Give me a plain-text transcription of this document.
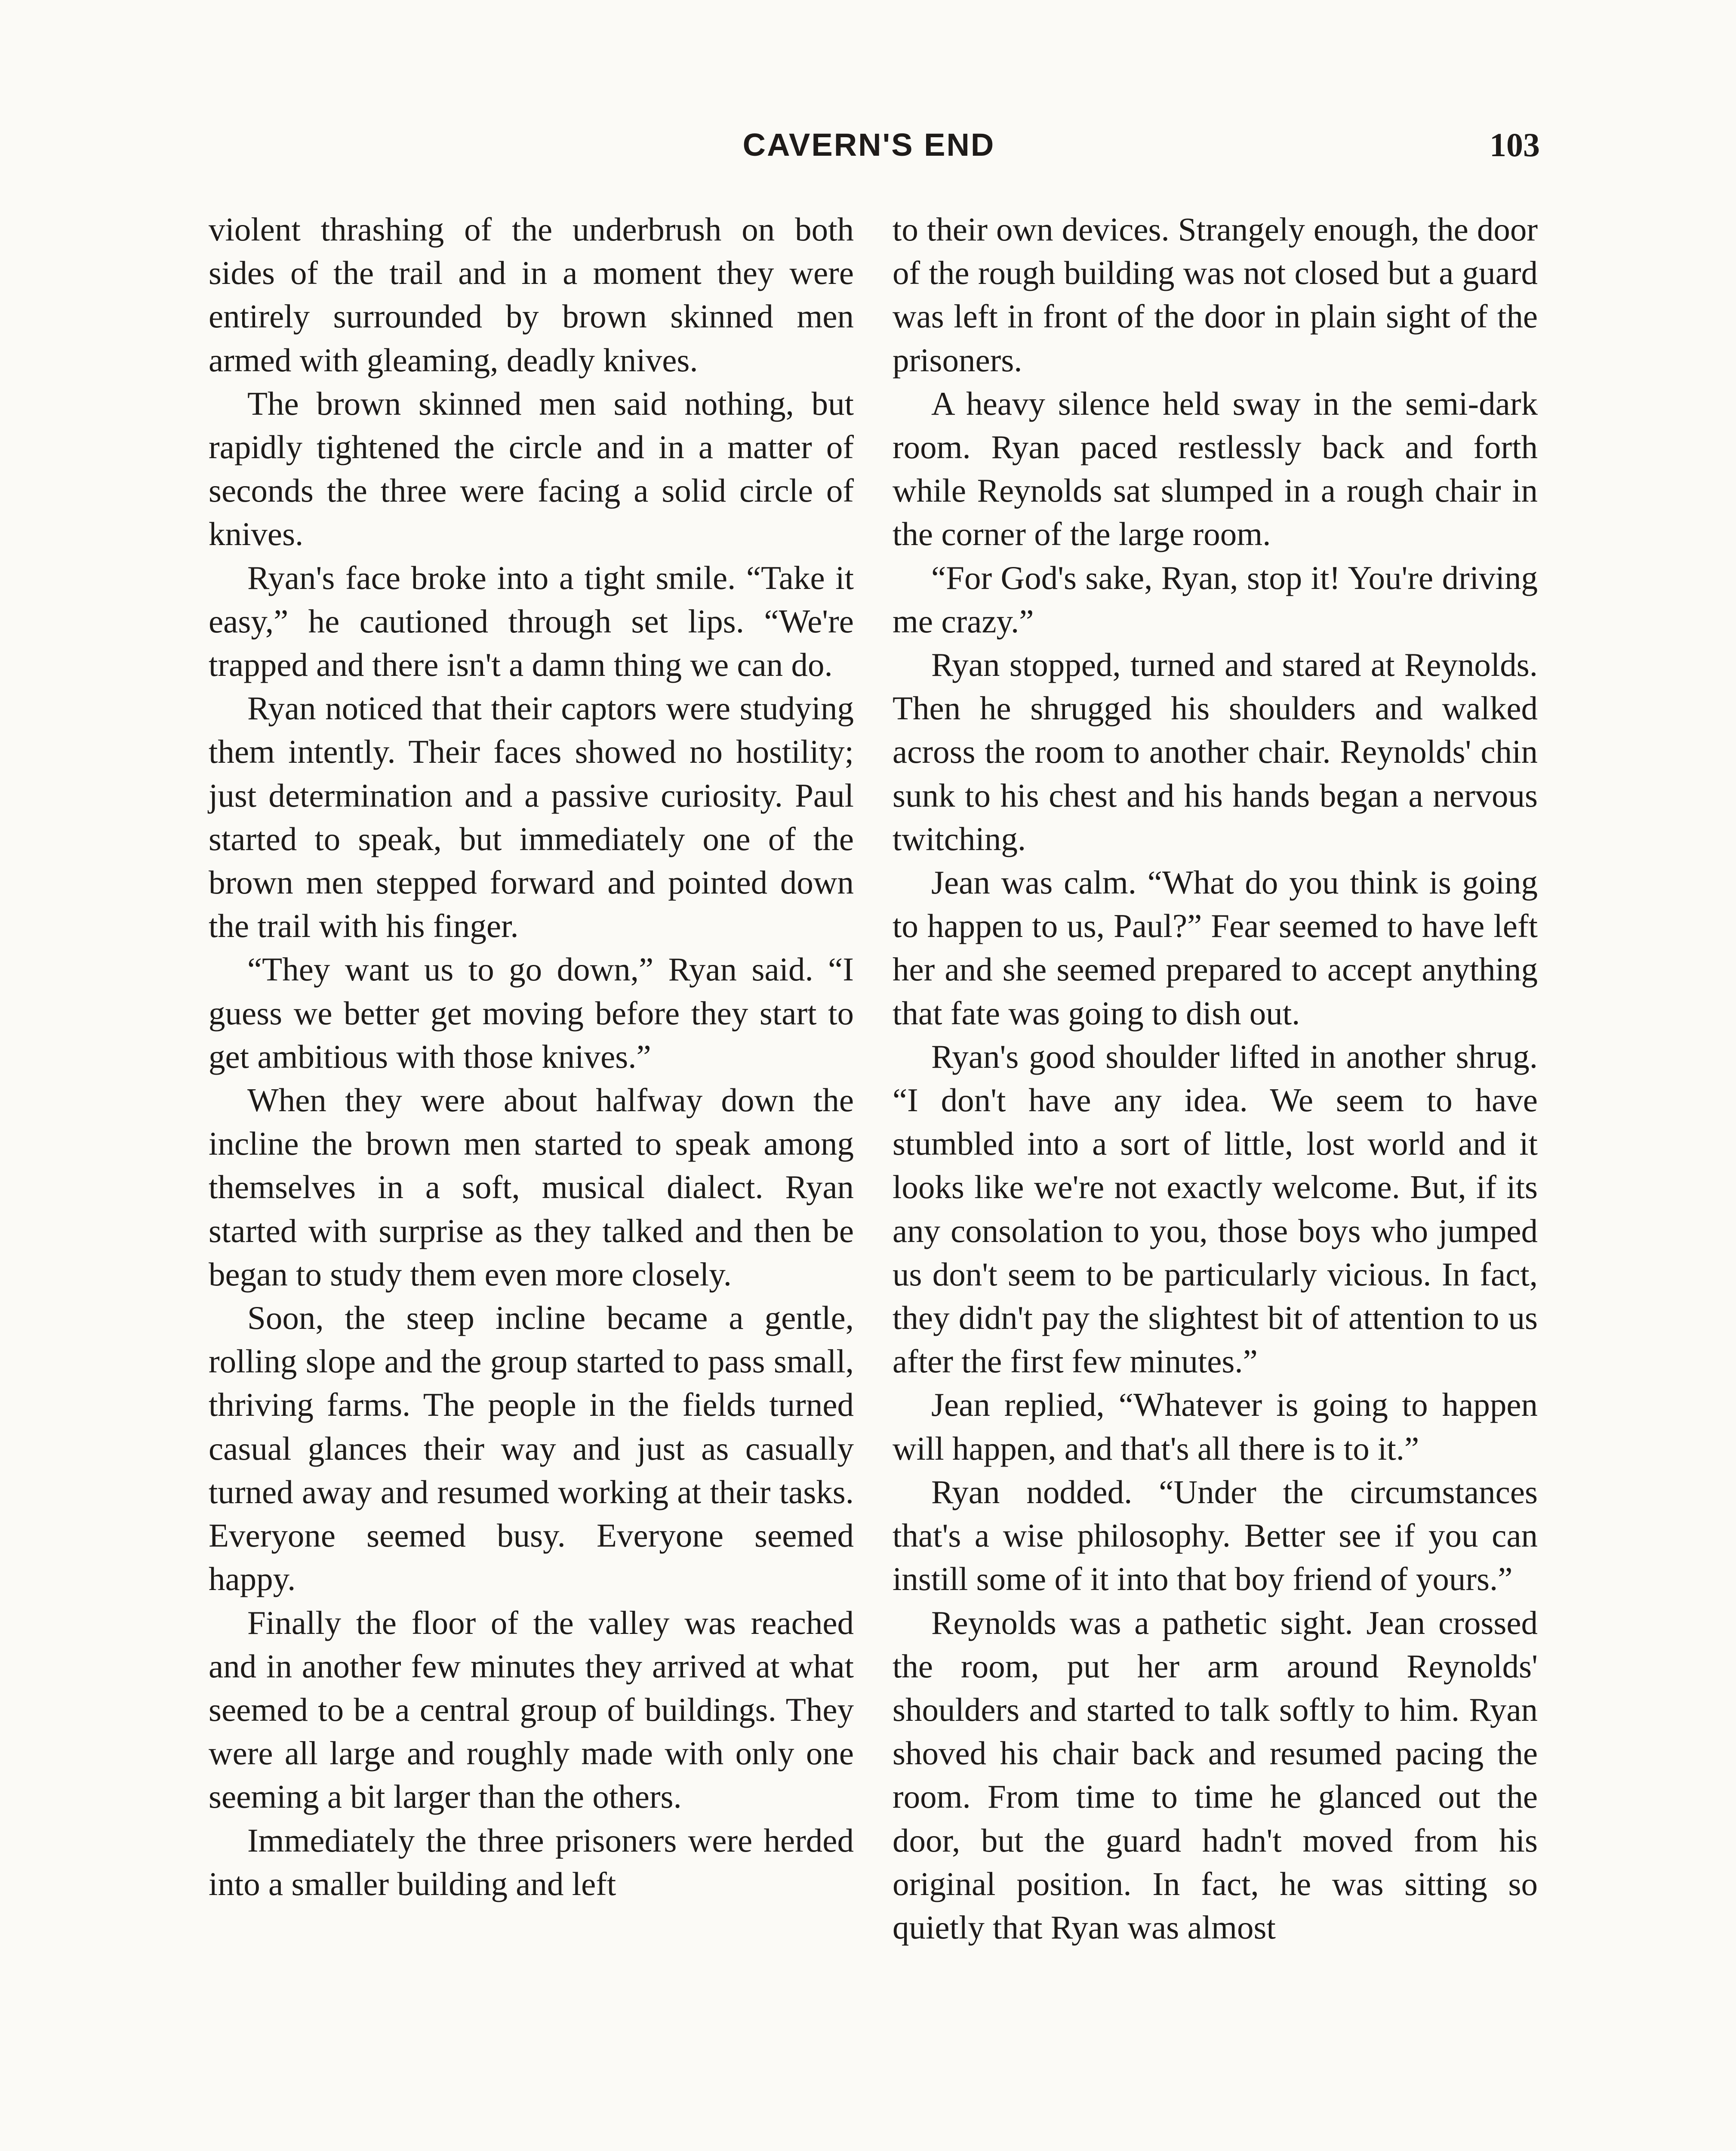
CAVERN'S END	103

violent thrashing of the underbrush on both sides of the trail and in a moment they were entirely surrounded by brown skinned men armed with gleaming, deadly knives.

The brown skinned men said nothing, but rapidly tightened the circle and in a matter of seconds the three were facing a solid circle of knives.

Ryan's face broke into a tight smile. “Take it easy,” he cautioned through set lips. “We're trapped and there isn't a damn thing we can do.

Ryan noticed that their captors were studying them intently. Their faces showed no hostility; just determination and a passive curiosity. Paul started to speak, but immediately one of the brown men stepped forward and pointed down the trail with his finger.

“They want us to go down,” Ryan said. “I guess we better get moving before they start to get ambitious with those knives.”

When they were about halfway down the incline the brown men started to speak among themselves in a soft, musical dialect. Ryan started with surprise as they talked and then be began to study them even more closely.

Soon, the steep incline became a gentle, rolling slope and the group started to pass small, thriving farms. The people in the fields turned casual glances their way and just as casually turned away and resumed working at their tasks. Everyone seemed busy. Everyone seemed happy.

Finally the floor of the valley was reached and in another few minutes they arrived at what seemed to be a central group of buildings. They were all large and roughly made with only one seeming a bit larger than the others.

Immediately the three prisoners were herded into a smaller building and left

to their own devices. Strangely enough, the door of the rough building was not closed but a guard was left in front of the door in plain sight of the prisoners.

A heavy silence held sway in the semi-dark room. Ryan paced restlessly back and forth while Reynolds sat slumped in a rough chair in the corner of the large room.

“For God's sake, Ryan, stop it! You're driving me crazy.”

Ryan stopped, turned and stared at Reynolds. Then he shrugged his shoulders and walked across the room to another chair. Reynolds' chin sunk to his chest and his hands began a nervous twitching.

Jean was calm. “What do you think is going to happen to us, Paul?” Fear seemed to have left her and she seemed prepared to accept anything that fate was going to dish out.

Ryan's good shoulder lifted in another shrug. “I don't have any idea. We seem to have stumbled into a sort of little, lost world and it looks like we're not exactly welcome. But, if its any consolation to you, those boys who jumped us don't seem to be particularly vicious. In fact, they didn't pay the slightest bit of attention to us after the first few minutes.”

Jean replied, “Whatever is going to happen will happen, and that's all there is to it.”

Ryan nodded. “Under the circumstances that's a wise philosophy. Better see if you can instill some of it into that boy friend of yours.”

Reynolds was a pathetic sight. Jean crossed the room, put her arm around Reynolds' shoulders and started to talk softly to him. Ryan shoved his chair back and resumed pacing the room. From time to time he glanced out the door, but the guard hadn't moved from his original position. In fact, he was sitting so quietly that Ryan was almost
